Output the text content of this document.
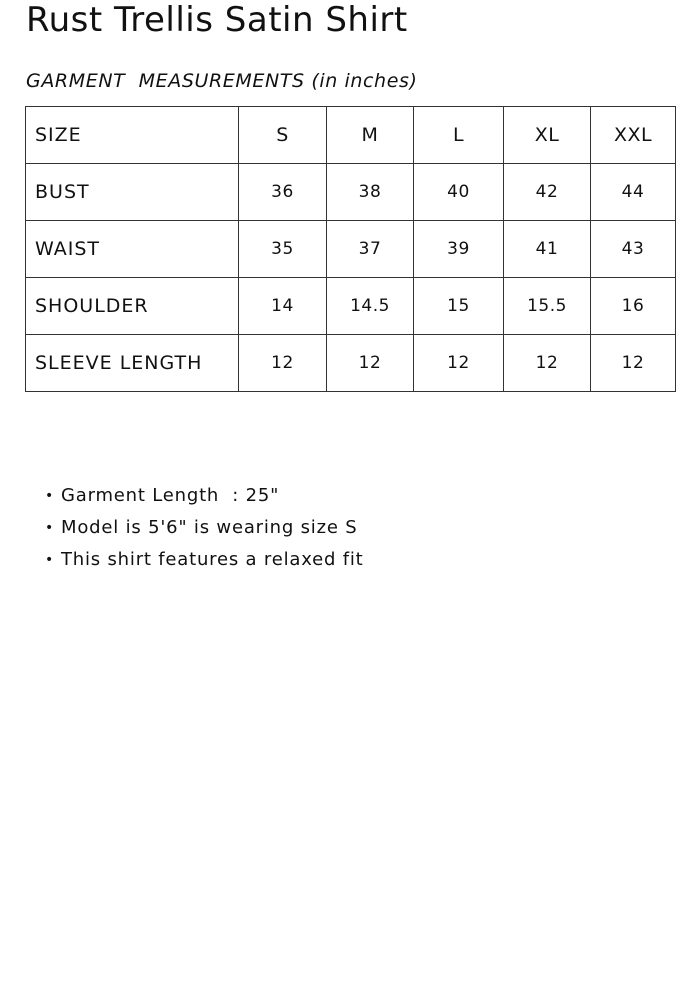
Rust Trellis Satin Shirt

GARMENT  MEASUREMENTS (in inches)

SIZE	S	M	L	XL	XXL
BUST	36	38	40	42	44
WAIST	35	37	39	41	43
SHOULDER	14	14.5	15	15.5	16
SLEEVE LENGTH	12	12	12	12	12
• Garment Length  : 25"
• Model is 5'6" is wearing size S
• This shirt features a relaxed fit
